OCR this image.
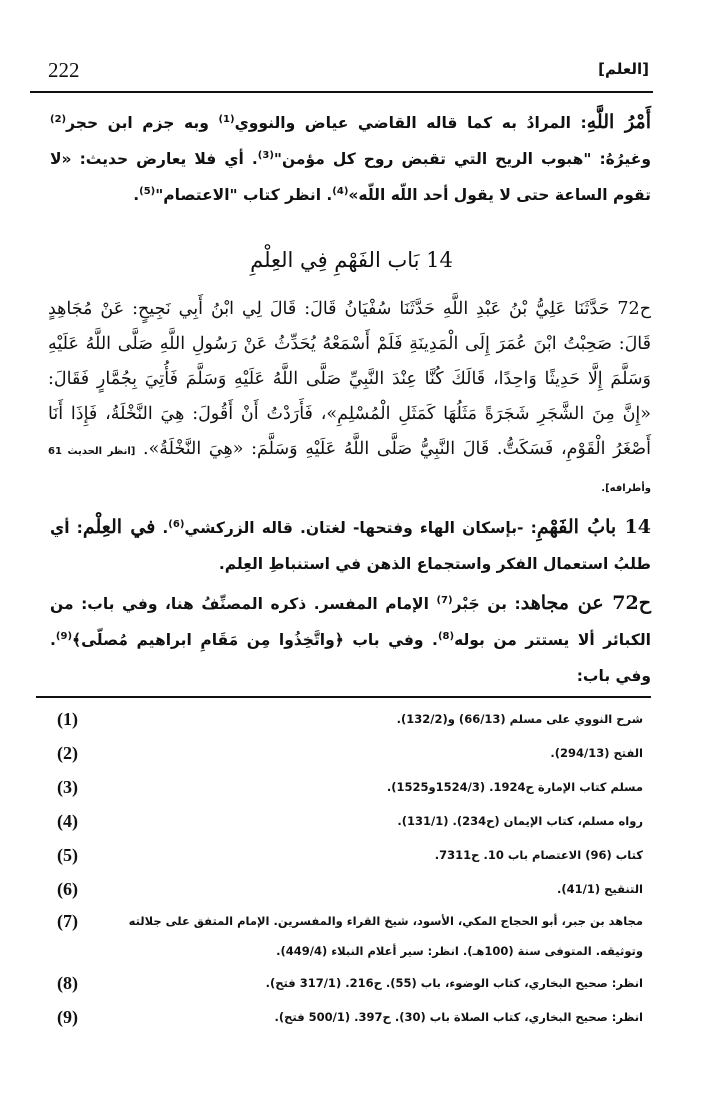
222	[العلم]
أَمْرُ اللَّهِ: المرادُ به كما قاله القاضي عياض والنووي$^{(1)}$ وبه جزم ابن حجر$^{(2)}$ وغيرُهُ: "هبوب الريح التي تقبض روح كل مؤمن"$^{(3)}$. أي فلا يعارض حديث: «لا تقوم الساعة حتى لا يقول أحد اللّه اللّه»$^{(4)}$. انظر كتاب "الاعتصام"$^{(5)}$.
14 بَاب الفَهْمِ فِي العِلْمِ
ح72 حَدَّثَنَا عَلِيُّ بْنُ عَبْدِ اللَّهِ حَدَّثَنَا سُفْيَانُ قَالَ: قَالَ لِي ابْنُ أَبِي نَجِيحٍ: عَنْ مُجَاهِدٍ قَالَ: صَحِبْتُ ابْنَ عُمَرَ إِلَى الْمَدِينَةِ فَلَمْ أَسْمَعْهُ يُحَدِّثُ عَنْ رَسُولِ اللَّهِ صَلَّى اللَّهُ عَلَيْهِ وَسَلَّمَ إِلَّا حَدِيثًا وَاحِدًا، قَالَكَ كُنَّا عِنْدَ النَّبِيِّ صَلَّى اللَّهُ عَلَيْهِ وَسَلَّمَ فَأُتِيَ بِجُمَّارٍ فَقَالَ: «إِنَّ مِنَ الشَّجَرِ شَجَرَةً مَثَلُهَا كَمَثَلِ الْمُسْلِمِ»، فَأَرَدْتُ أَنْ أَقُولَ: هِيَ النَّخْلَةُ، فَإِذَا أَنَا أَصْغَرُ الْقَوْمِ، فَسَكَتُّ. قَالَ النَّبِيُّ صَلَّى اللَّهُ عَلَيْهِ وَسَلَّمَ: «هِيَ النَّخْلَةُ». [انظر الحديث 61 وأطرافه].
14 بابُ الفَهْمِ: -بإسكان الهاء وفتحها- لغتان. قاله الزركشي$^{(6)}$. في العِلْم: أي طلبُ استعمال الفكر واستجماع الذهن في استنباطِ العِلم.
ح72 عن مجاهد: بن جَبْر$^{(7)}$ الإمام المفسر. ذكره المصنِّفُ هنا، وفي باب: من الكبائر ألا يستتر من بوله$^{(8)}$. وفي باب ﴿واتَّخِذُوا مِن مَقَامِ ابراهيم مُصلّى﴾$^{(9)}$. وفي باب:
(1)	شرح النووي على مسلم (66/13) و(132/2).
(2)	الفتح (294/13).
(3)	مسلم كتاب الإمارة ح1924. (1524/3و1525).
(4)	رواه مسلم، كتاب الإيمان (ح234). (131/1).
(5)	كتاب (96) الاعتصام باب 10. ح7311.
(6)	التنقيح (41/1).
(7)	مجاهد بن جبر، أبو الحجاج المكي، الأسود، شيخ القراء والمفسرين. الإمام المتفق على جلالته وتوثيقه. المتوفى سنة (100هـ). انظر: سير أعلام النبلاء (449/4).
(8)	انظر: صحيح البخاري، كتاب الوضوء، باب (55). ح216. (317/1 فتح).
(9)	انظر: صحيح البخاري، كتاب الصلاة باب (30). ح397. (500/1 فتح).
